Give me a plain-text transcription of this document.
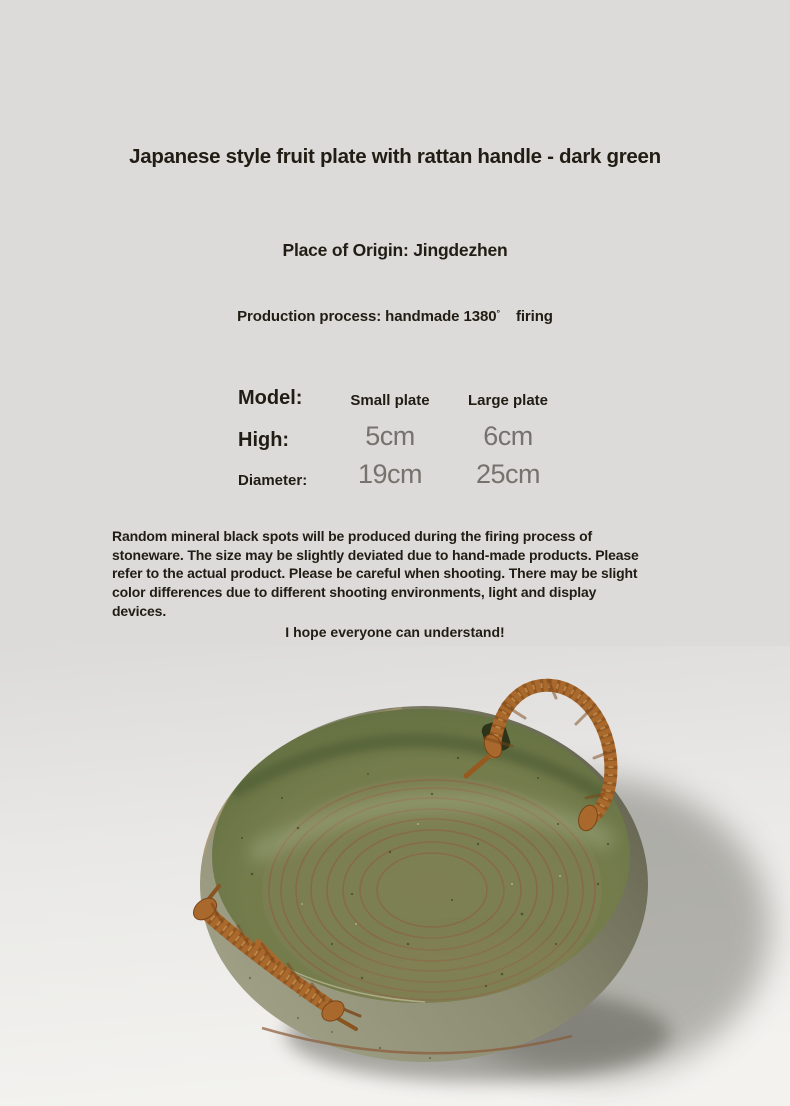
Japanese style fruit plate with rattan handle - dark green
Place of Origin: Jingdezhen
Production process: handmade 1380° firing
Model:	Small plate	Large plate
High:	5cm	6cm
Diameter: 19cm 25cm
Random mineral black spots will be produced during the firing process of
stoneware. The size may be slightly deviated due to hand-made products. Please
refer to the actual product. Please be careful when shooting. There may be slight
color differences due to different shooting environments, light and display
devices.
I hope everyone can understand!
